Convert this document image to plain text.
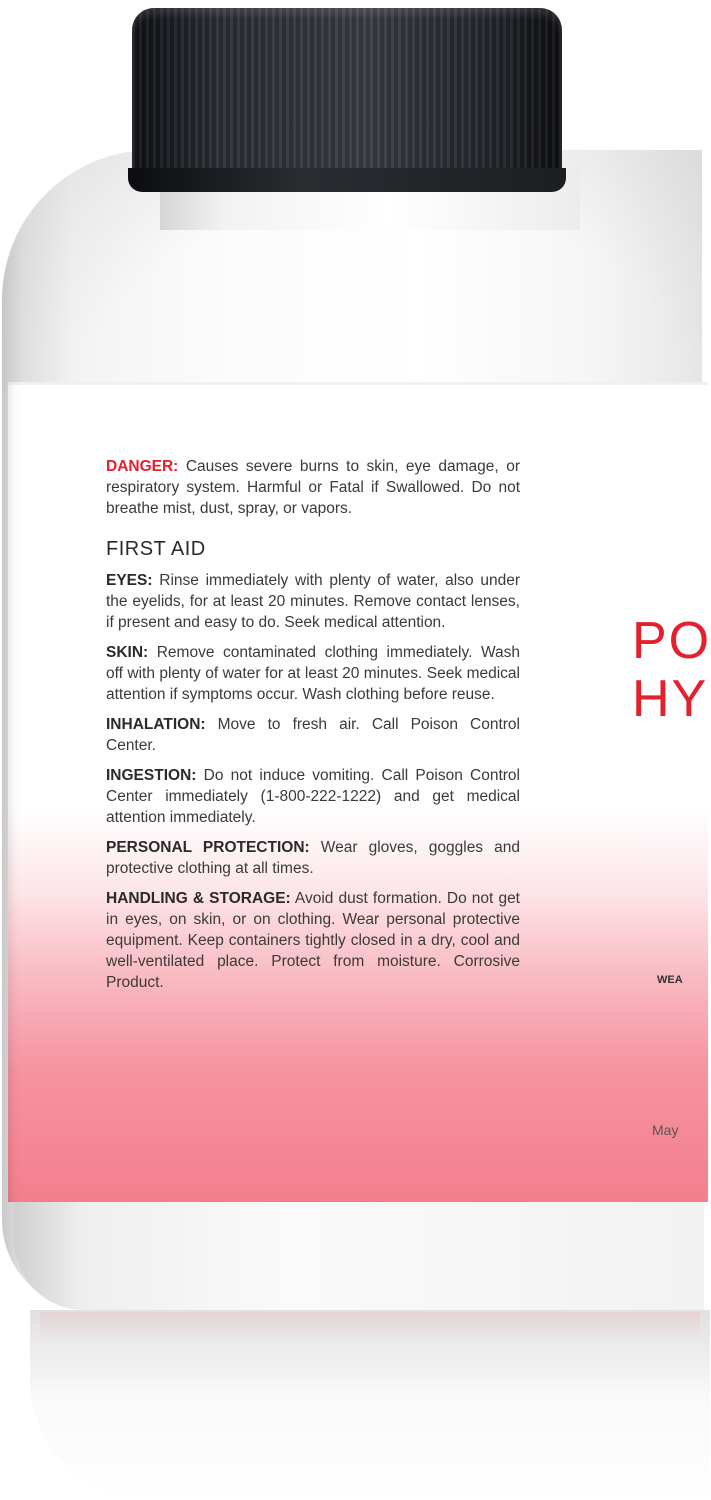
DANGER: Causes severe burns to skin, eye damage, or respiratory system. Harmful or Fatal if Swallowed. Do not breathe mist, dust, spray, or vapors.

FIRST AID

EYES: Rinse immediately with plenty of water, also under the eyelids, for at least 20 minutes. Remove contact lenses, if present and easy to do. Seek medical attention.

SKIN: Remove contaminated clothing immediately. Wash off with plenty of water for at least 20 minutes. Seek medical attention if symptoms occur. Wash clothing before reuse.

INHALATION: Move to fresh air. Call Poison Control Center.

INGESTION: Do not induce vomiting. Call Poison Control Center immediately (1-800-222-1222) and get medical attention immediately.

PERSONAL PROTECTION: Wear gloves, goggles and protective clothing at all times.

HANDLING & STORAGE: Avoid dust formation. Do not get in eyes, on skin, or on clothing. Wear personal protective equipment. Keep containers tightly closed in a dry, cool and well-ventilated place. Protect from moisture. Corrosive Product.

PO
HY
WEA
May
